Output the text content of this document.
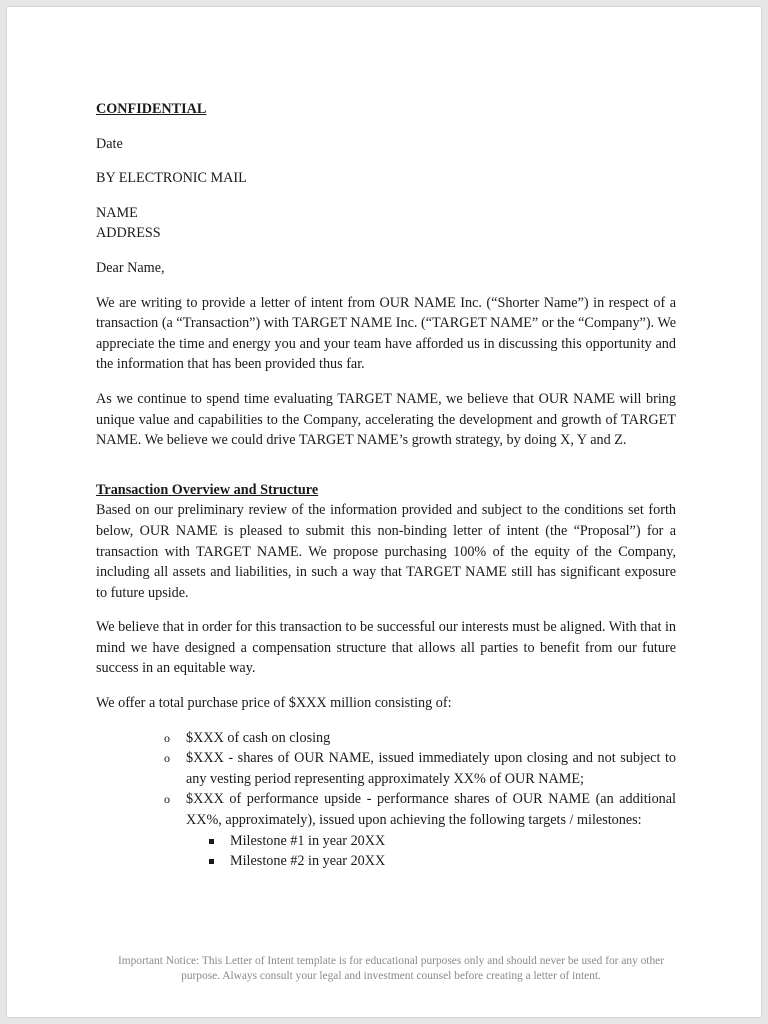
CONFIDENTIAL

Date

BY ELECTRONIC MAIL

NAME

ADDRESS

Dear Name,

We are writing to provide a letter of intent from OUR NAME Inc. (“Shorter Name”) in respect of a transaction (a “Transaction”) with TARGET NAME Inc. (“TARGET NAME” or the “Company”). We appreciate the time and energy you and your team have afforded us in discussing this opportunity and the information that has been provided thus far.

As we continue to spend time evaluating TARGET NAME, we believe that OUR NAME will bring unique value and capabilities to the Company, accelerating the development and growth of TARGET NAME. We believe we could drive TARGET NAME’s growth strategy, by doing X, Y and Z.

Transaction Overview and Structure

Based on our preliminary review of the information provided and subject to the conditions set forth below, OUR NAME is pleased to submit this non-binding letter of intent (the “Proposal”) for a transaction with TARGET NAME. We propose purchasing 100% of the equity of the Company, including all assets and liabilities, in such a way that TARGET NAME still has significant exposure to future upside.

We believe that in order for this transaction to be successful our interests must be aligned. With that in mind we have designed a compensation structure that allows all parties to benefit from our future success in an equitable way.

We offer a total purchase price of $XXX million consisting of:

o $XXX of cash on closing
o $XXX - shares of OUR NAME, issued immediately upon closing and not subject to any vesting period representing approximately XX% of OUR NAME;
o $XXX of performance upside - performance shares of OUR NAME (an additional XX%, approximately), issued upon achieving the following targets / milestones:
Milestone #1 in year 20XX
Milestone #2 in year 20XX

Important Notice: This Letter of Intent template is for educational purposes only and should never be used for any other purpose. Always consult your legal and investment counsel before creating a letter of intent.
